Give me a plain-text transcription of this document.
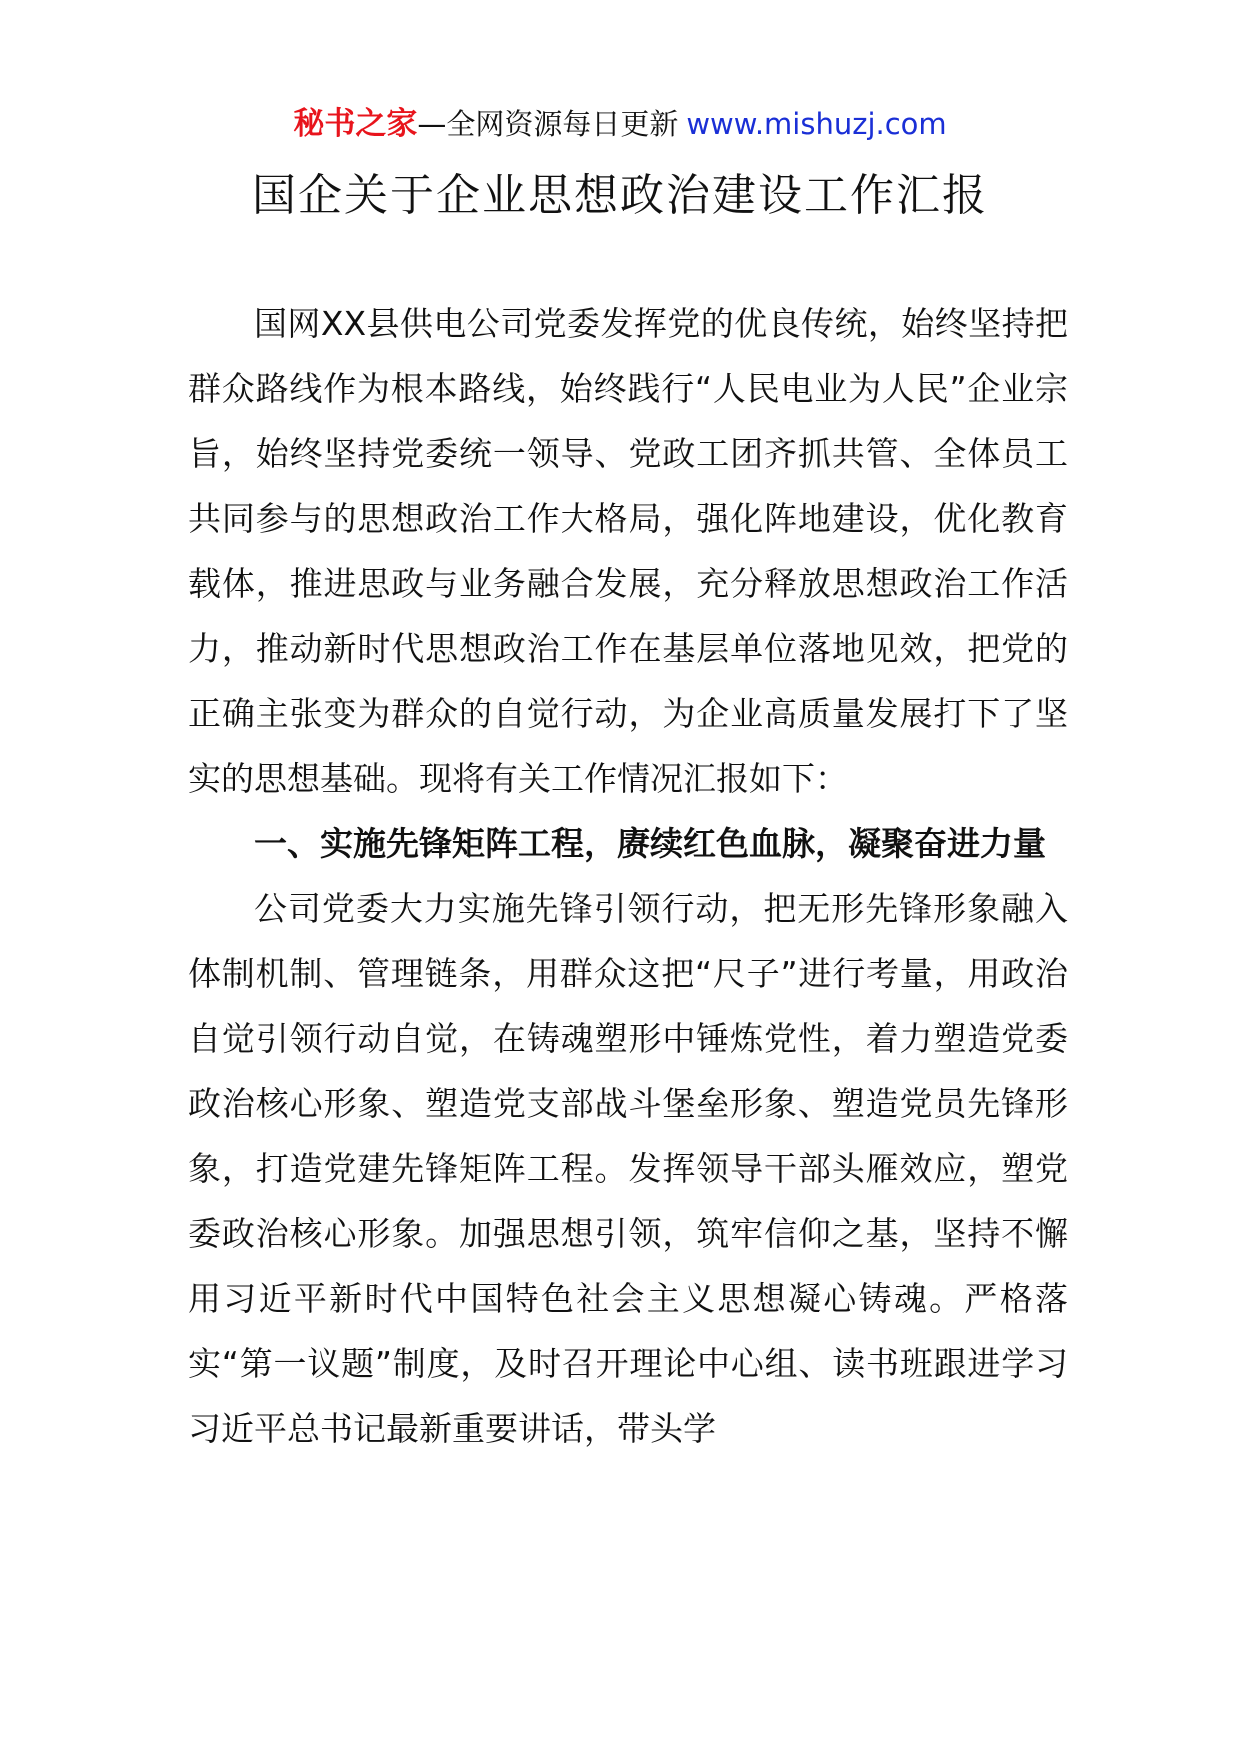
秘书之家—全网资源每日更新 www.mishuzj.com
国企关于企业思想政治建设工作汇报

国网XX县供电公司党委发挥党的优良传统，始终坚持把群众路线作为根本路线，始终践行“人民电业为人民”企业宗旨，始终坚持党委统一领导、党政工团齐抓共管、全体员工共同参与的思想政治工作大格局，强化阵地建设，优化教育载体，推进思政与业务融合发展，充分释放思想政治工作活力，推动新时代思想政治工作在基层单位落地见效，把党的正确主张变为群众的自觉行动，为企业高质量发展打下了坚实的思想基础。现将有关工作情况汇报如下：

一、实施先锋矩阵工程，赓续红色血脉，凝聚奋进力量

公司党委大力实施先锋引领行动，把无形先锋形象融入体制机制、管理链条，用群众这把“尺子”进行考量，用政治自觉引领行动自觉，在铸魂塑形中锤炼党性，着力塑造党委政治核心形象、塑造党支部战斗堡垒形象、塑造党员先锋形象，打造党建先锋矩阵工程。发挥领导干部头雁效应，塑党委政治核心形象。加强思想引领，筑牢信仰之基，坚持不懈用习近平新时代中国特色社会主义思想凝心铸魂。严格落实“第一议题”制度，及时召开理论中心组、读书班跟进学习习近平总书记最新重要讲话，带头学
